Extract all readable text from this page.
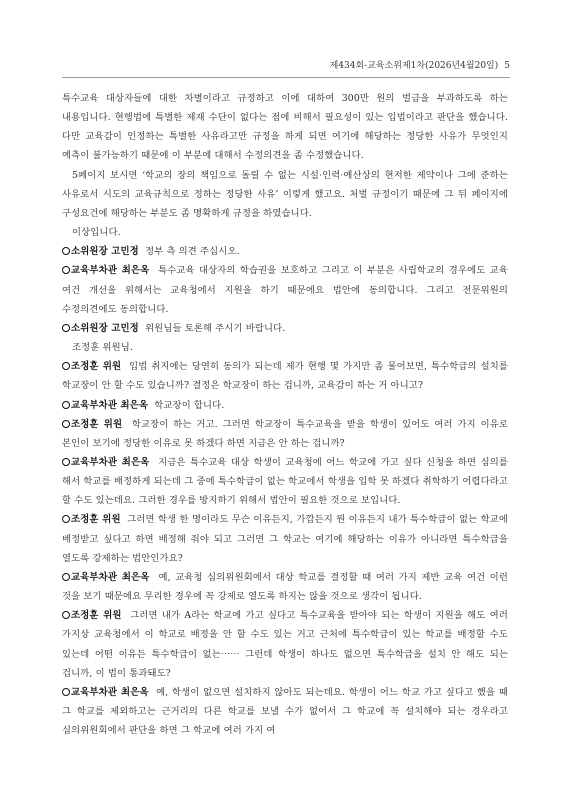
제434회-교육소위제1차(2026년4월20일) 5

특수교육 대상자들에 대한 차별이라고 규정하고 이에 대하여 300만 원의 벌금을 부과하도록 하는 내용입니다. 현행법에 특별한 제재 수단이 없다는 점에 비해서 필요성이 있는 입법이라고 판단을 했습니다. 다만 교육감이 인정하는 특별한 사유라고만 규정을 하게 되면 여기에 해당하는 정당한 사유가 무엇인지 예측이 불가능하기 때문에 이 부분에 대해서 수정의견을 좀 수정했습니다.

5페이지 보시면 ‘학교의 장의 책임으로 돌릴 수 없는 시설·인력·예산상의 현저한 제약이나 그에 준하는 사유로서 시도의 교육규칙으로 정하는 정당한 사유’ 이렇게 했고요. 처벌 규정이기 때문에 그 뒤 페이지에 구성요건에 해당하는 부분도 좀 명확하게 규정을 하였습니다.

이상입니다.

소위원장 고민정 정부 측 의견 주십시오.

교육부차관 최은옥 특수교육 대상자의 학습권을 보호하고 그리고 이 부분은 사립학교의 경우에도 교육 여건 개선을 위해서는 교육청에서 지원을 하기 때문에요 법안에 동의합니다. 그리고 전문위원의 수정의견에도 동의합니다.

소위원장 고민정 위원님들 토론해 주시기 바랍니다.

조정훈 위원님.

조정훈 위원 입법 취지에는 당연히 동의가 되는데 제가 현행 몇 가지만 좀 물어보면, 특수학급의 설치를 학교장이 안 할 수도 있습니까? 결정은 학교장이 하는 겁니까, 교육감이 하는 거 아니고?

교육부차관 최은옥 학교장이 합니다.

조정훈 위원 학교장이 하는 거고. 그러면 학교장이 특수교육을 받을 학생이 있어도 여러 가지 이유로 본인이 보기에 정당한 이유로 못 하겠다 하면 지금은 안 하는 겁니까?

교육부차관 최은옥 지금은 특수교육 대상 학생이 교육청에 어느 학교에 가고 싶다 신청을 하면 심의를 해서 학교를 배정하게 되는데 그 중에 특수학급이 없는 학교에서 학생을 입학 못 하겠다 취학하기 어렵다라고 할 수도 있는데요. 그러한 경우를 방지하기 위해서 법안이 필요한 것으로 보입니다.

조정훈 위원 그러면 학생 한 명이라도 무슨 이유든지, 가깝든지 뭔 이유든지 내가 특수학급이 없는 학교에 배정받고 싶다고 하면 배정해 줘야 되고 그러면 그 학교는 여기에 해당하는 이유가 아니라면 특수학급을 열도록 강제하는 법안인가요?

교육부차관 최은옥 예, 교육청 심의위원회에서 대상 학교를 결정할 때 여러 가지 제반 교육 여건 이런 것을 보기 때문에요 무리한 경우에 꼭 강제로 열도록 하지는 않을 것으로 생각이 됩니다.

조정훈 위원 그러면 내가 A라는 학교에 가고 싶다고 특수교육을 받아야 되는 학생이 지원을 해도 여러 가지상 교육청에서 이 학교로 배정을 안 할 수도 있는 거고 근처에 특수학급이 있는 학교를 배정할 수도 있는데 어떤 이유든 특수학급이 없는⋯⋯ 그런데 학생이 하나도 없으면 특수학급을 설치 안 해도 되는 겁니까, 이 법이 통과돼도?

교육부차관 최은옥 예, 학생이 없으면 설치하지 않아도 되는데요. 학생이 어느 학교 가고 싶다고 했을 때 그 학교를 제외하고는 근거리의 다른 학교를 보낼 수가 없어서 그 학교에 꼭 설치해야 되는 경우라고 심의위원회에서 판단을 하면 그 학교에 여러 가지 여
